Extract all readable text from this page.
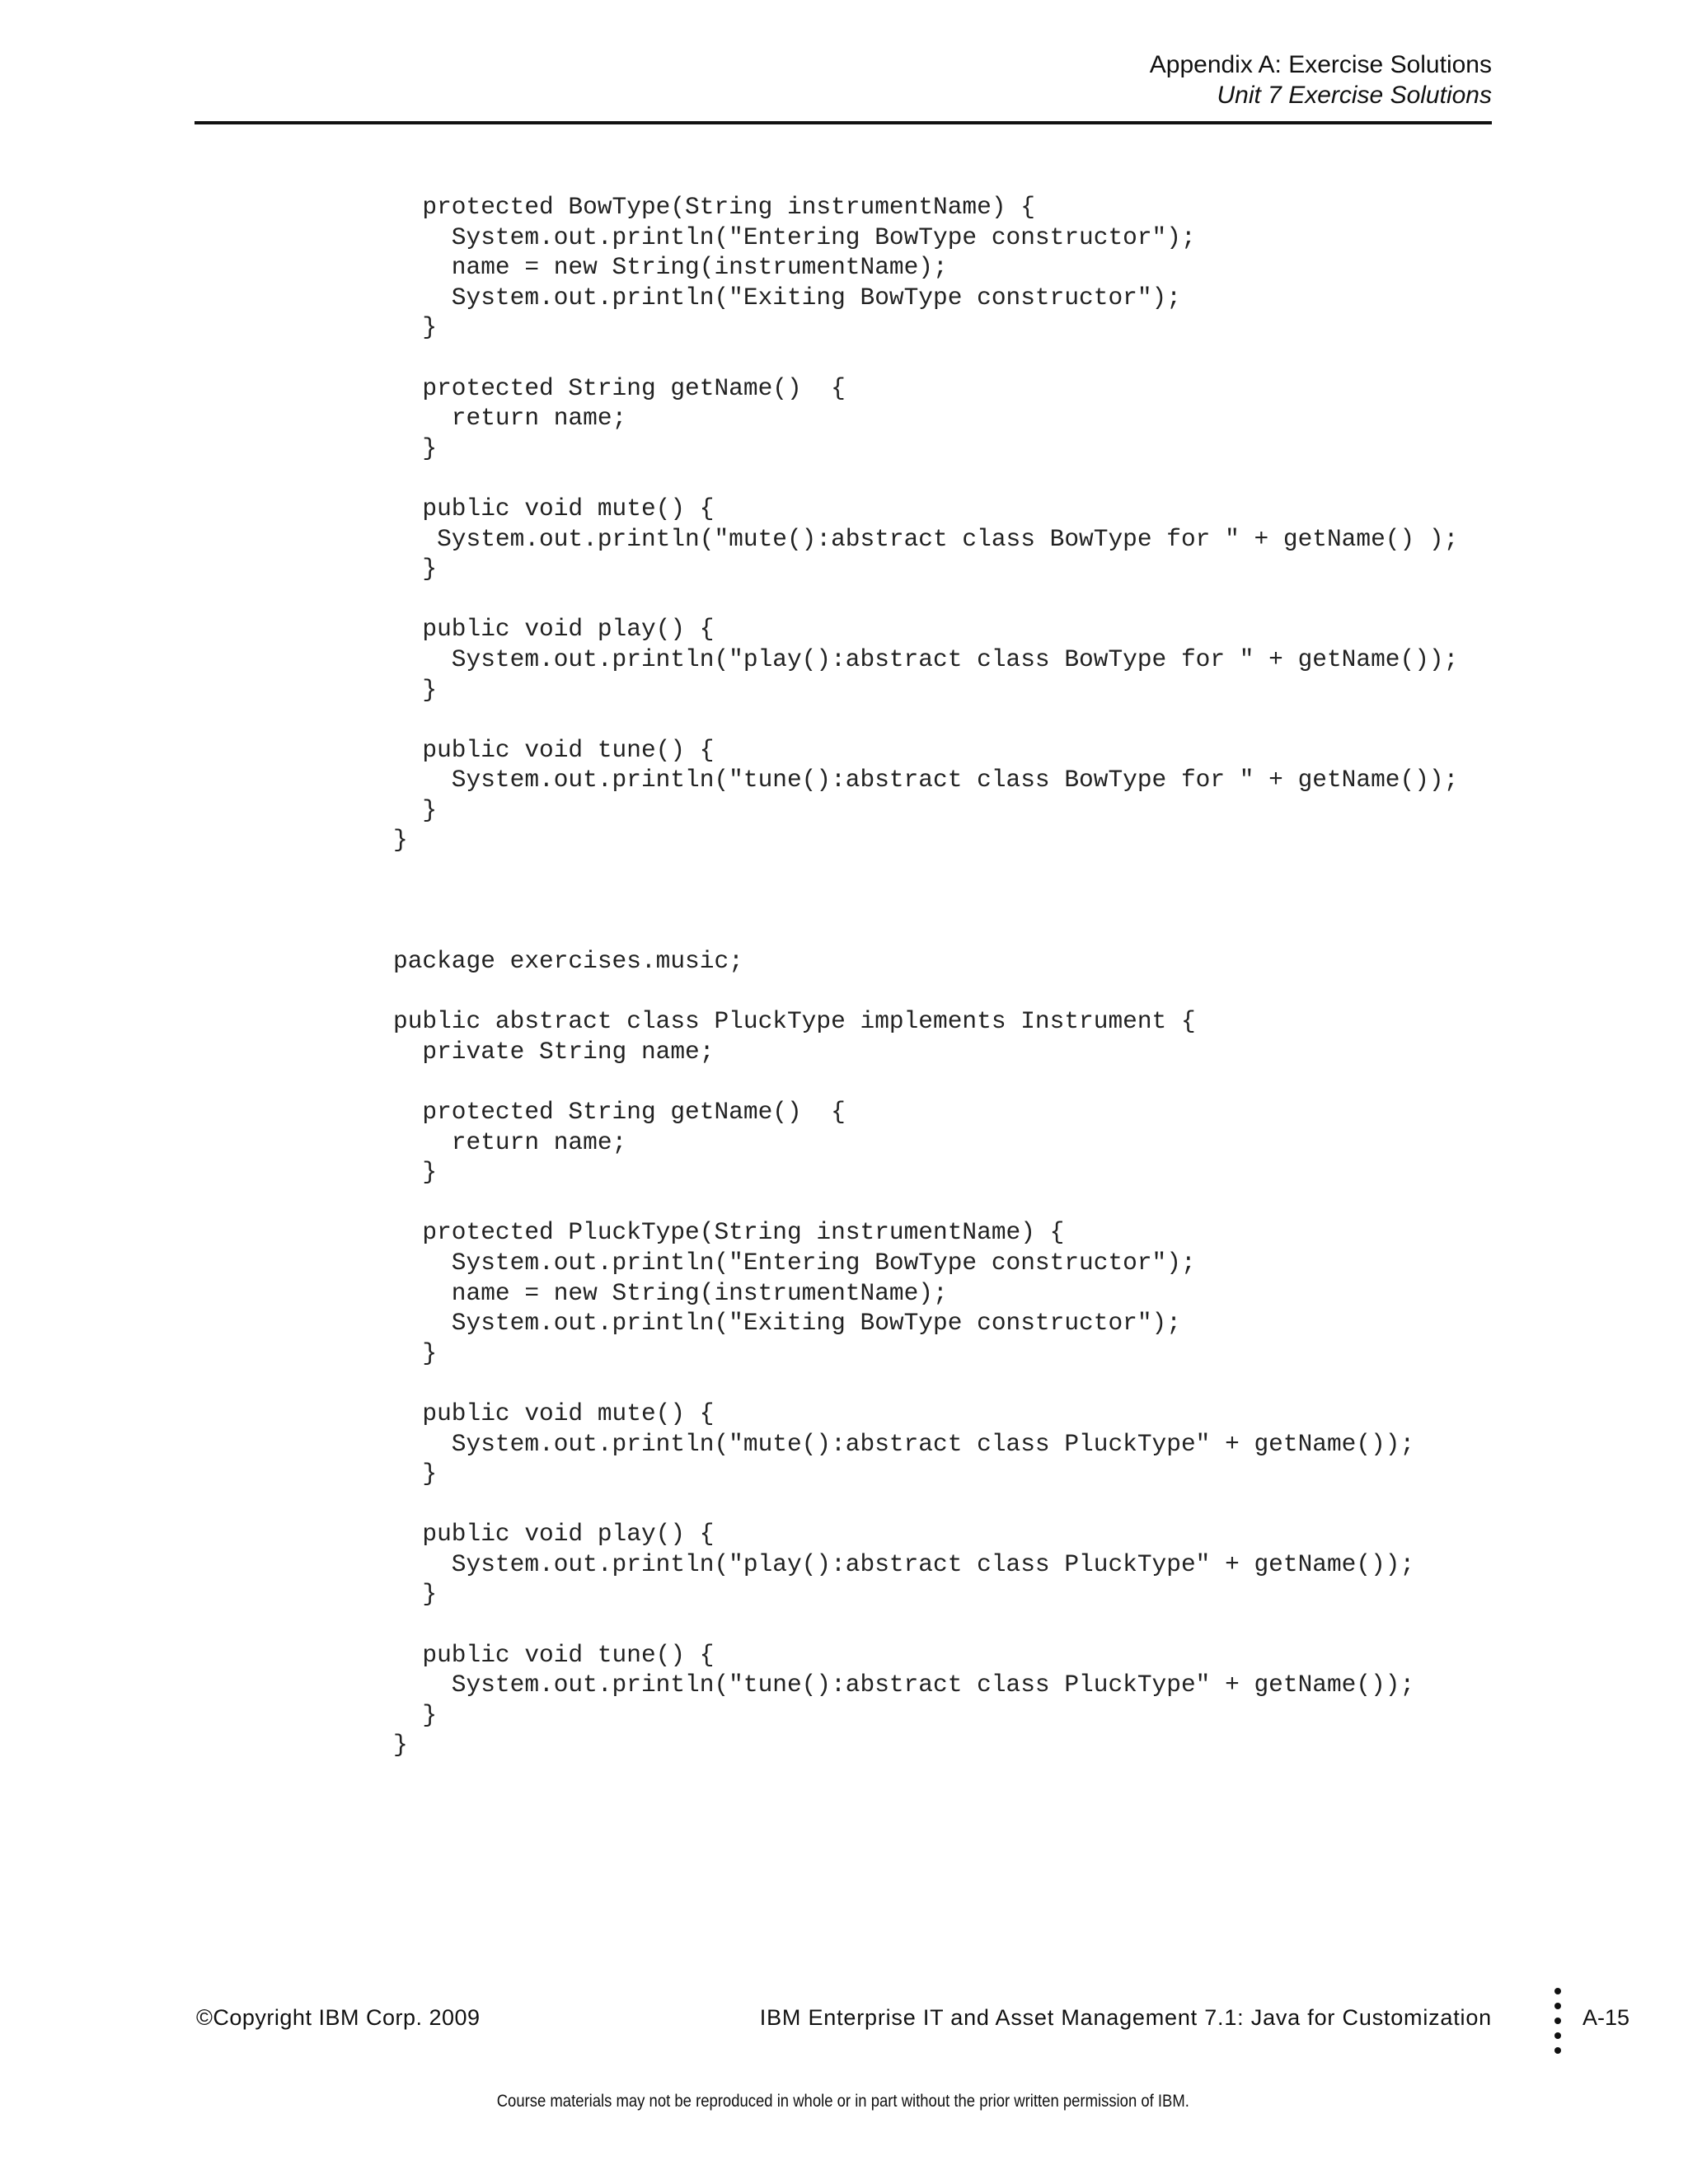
Appendix A: Exercise Solutions
Unit 7 Exercise Solutions
protected BowType(String instrumentName) {
System.out.println("Entering BowType constructor");
name = new String(instrumentName);
System.out.println("Exiting BowType constructor");
}

protected String getName()  {
return name;
}

public void mute() {
System.out.println("mute():abstract class BowType for " + getName() );
}

public void play() {
System.out.println("play():abstract class BowType for " + getName());
}

public void tune() {
System.out.println("tune():abstract class BowType for " + getName());
}
}
package exercises.music;

public abstract class PluckType implements Instrument {
private String name;

protected String getName()  {
return name;
}

protected PluckType(String instrumentName) {
System.out.println("Entering BowType constructor");
name = new String(instrumentName);
System.out.println("Exiting BowType constructor");
}

public void mute() {
System.out.println("mute():abstract class PluckType" + getName());
}

public void play() {
System.out.println("play():abstract class PluckType" + getName());
}

public void tune() {
System.out.println("tune():abstract class PluckType" + getName());
}
}
©Copyright IBM Corp. 2009	IBM Enterprise IT and Asset Management 7.1: Java for Customization	A-15
Course materials may not be reproduced in whole or in part without the prior written permission of IBM.
